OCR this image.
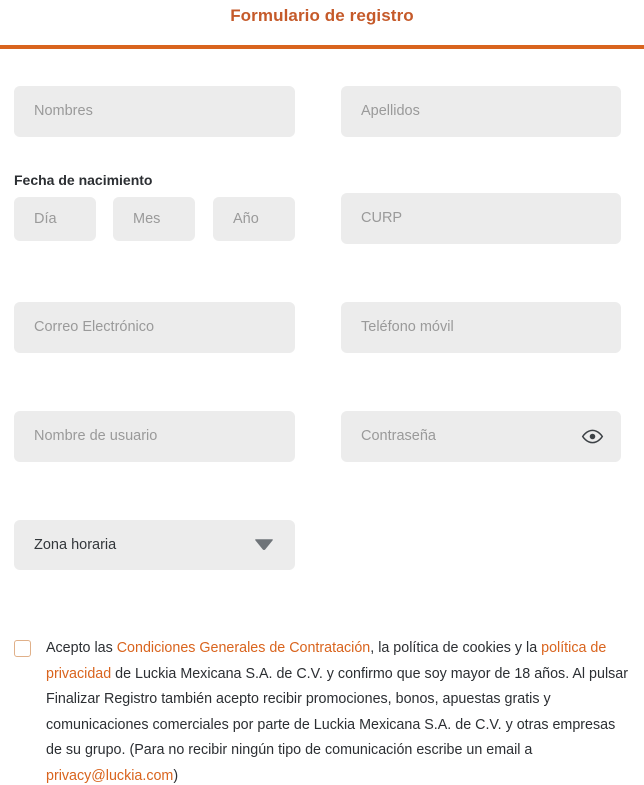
Formulario de registro
Nombres	Apellidos
Fecha de nacimiento
Día	Mes	Año	CURP
Correo Electrónico	Teléfono móvil
Nombre de usuario	Contraseña
Zona horaria
Acepto las Condiciones Generales de Contratación, la política de cookies y la política de privacidad de Luckia Mexicana S.A. de C.V. y confirmo que soy mayor de 18 años. Al pulsar Finalizar Registro también acepto recibir promociones, bonos, apuestas gratis y comunicaciones comerciales por parte de Luckia Mexicana S.A. de C.V. y otras empresas de su grupo. (Para no recibir ningún tipo de comunicación escribe un email a privacy@luckia.com)
